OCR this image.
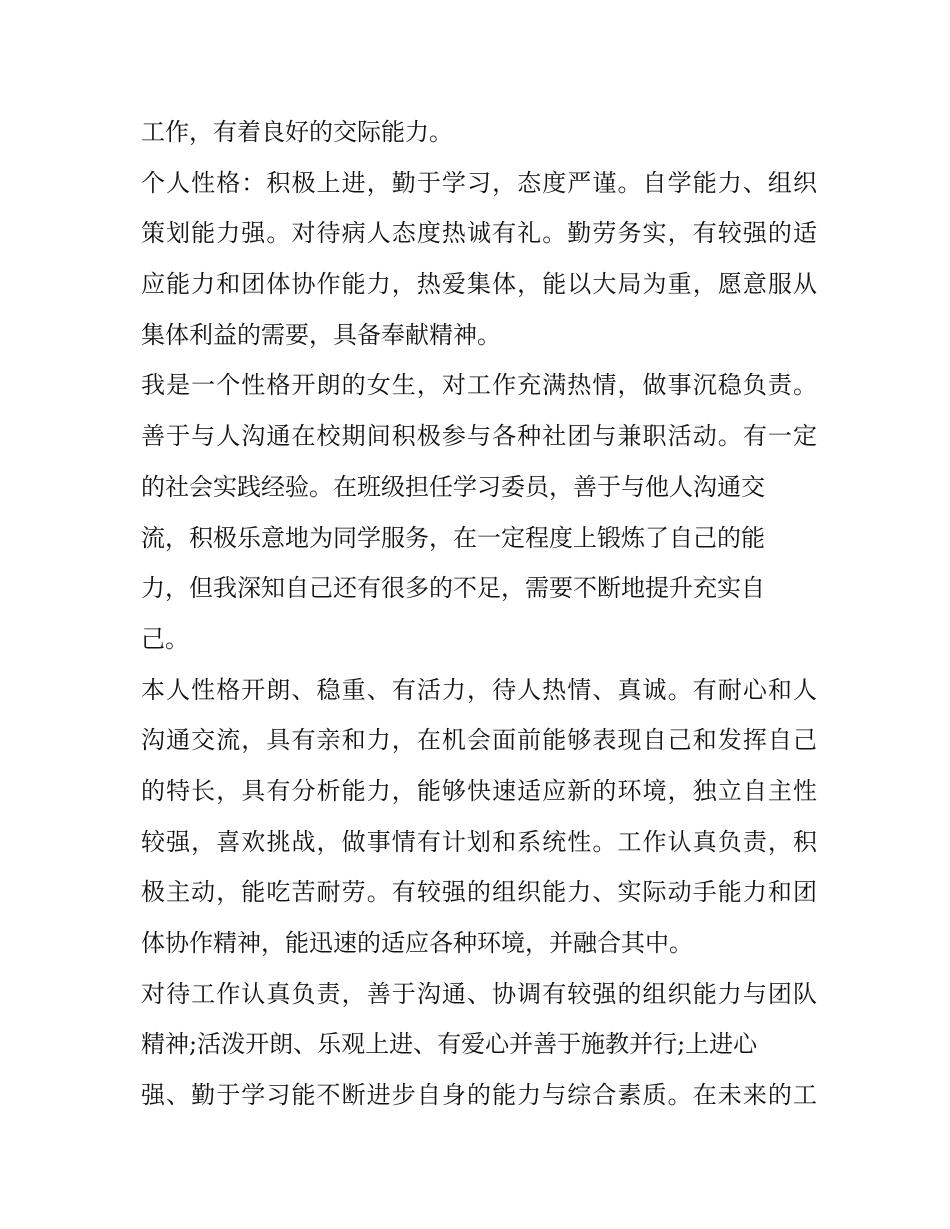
工作，有着良好的交际能力。
个人性格：积极上进，勤于学习，态度严谨。自学能力、组织
策划能力强。对待病人态度热诚有礼。勤劳务实，有较强的适
应能力和团体协作能力，热爱集体，能以大局为重，愿意服从
集体利益的需要，具备奉献精神。
我是一个性格开朗的女生，对工作充满热情，做事沉稳负责。
善于与人沟通在校期间积极参与各种社团与兼职活动。有一定
的社会实践经验。在班级担任学习委员，善于与他人沟通交
流，积极乐意地为同学服务，在一定程度上锻炼了自己的能
力，但我深知自己还有很多的不足，需要不断地提升充实自
己。
本人性格开朗、稳重、有活力，待人热情、真诚。有耐心和人
沟通交流，具有亲和力，在机会面前能够表现自己和发挥自己
的特长，具有分析能力，能够快速适应新的环境，独立自主性
较强，喜欢挑战，做事情有计划和系统性。工作认真负责，积
极主动，能吃苦耐劳。有较强的组织能力、实际动手能力和团
体协作精神，能迅速的适应各种环境，并融合其中。
对待工作认真负责，善于沟通、协调有较强的组织能力与团队
精神;活泼开朗、乐观上进、有爱心并善于施教并行;上进心
强、勤于学习能不断进步自身的能力与综合素质。在未来的工
